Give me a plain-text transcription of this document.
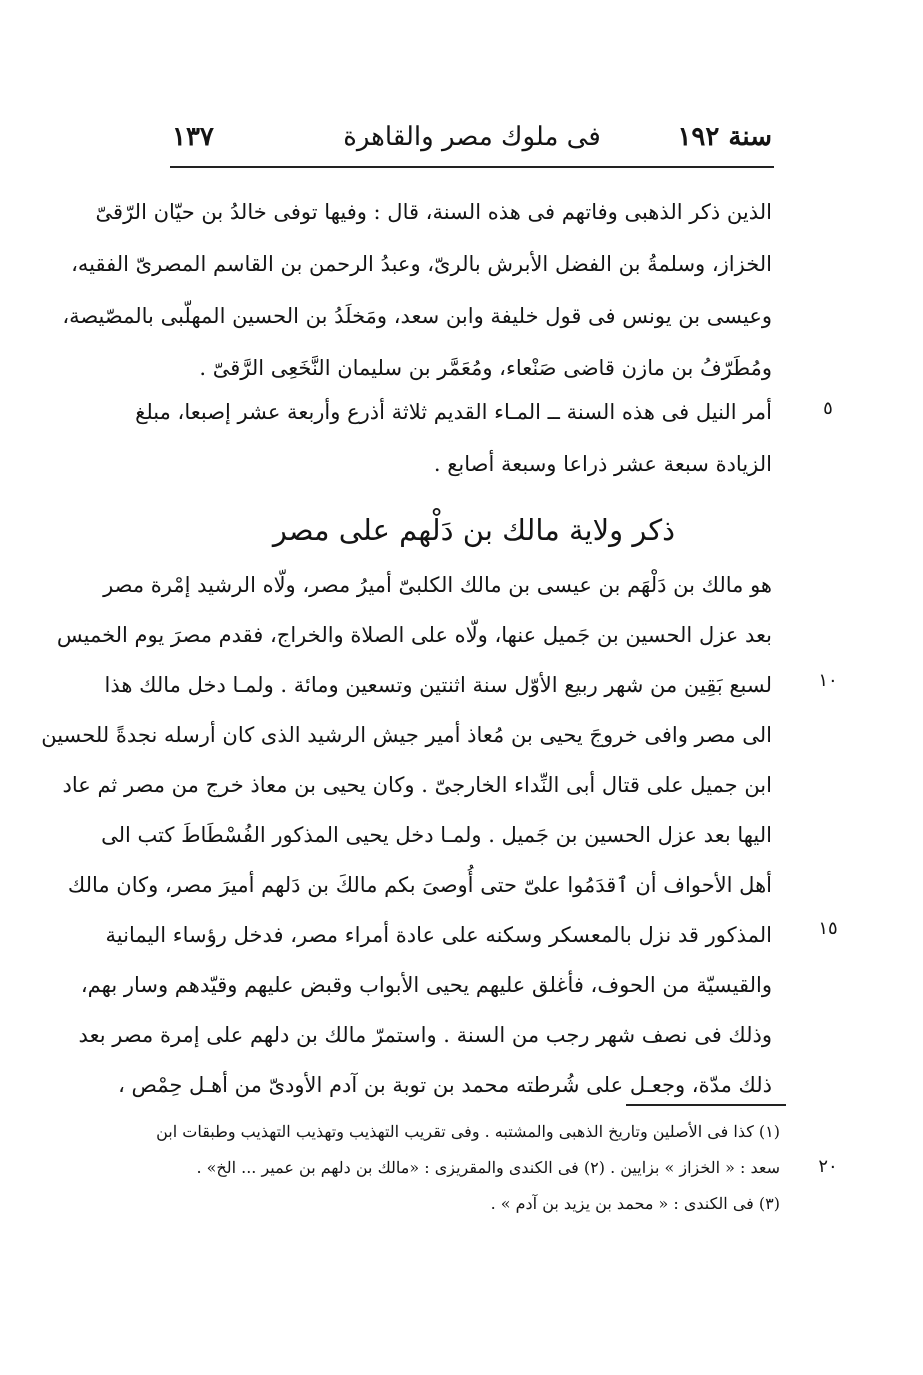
سنة ١٩٢
فى ملوك مصر والقاهرة
١٣٧
الذين ذكر الذهبى وفاتهم فى هذه السنة، قال : وفيها توفى خالدُ بن حيّان الرّقىّ
الخزاز، وسلمةُ بن الفضل الأبرش بالرىّ، وعبدُ الرحمن بن القاسم المصرىّ الفقيه،
وعيسى بن يونس فى قول خليفة وابن سعد، ومَخلَدُ بن الحسين المهلّبى بالمصّيصة،
ومُطَرّفُ بن مازن قاضى صَنْعاء، ومُعَمَّر بن سليمان النَّخَعِى الرَّقىّ .
أمر النيل فى هذه السنة ــ المـاء القديم ثلاثة أذرع وأربعة عشر إصبعا، مبلغ
الزيادة سبعة عشر ذراعا وسبعة أصابع .
ذكر ولاية مالك بن دَلْهم على مصر
هو مالك بن دَلْهَم بن عيسى بن مالك الكلبىّ أميرُ مصر، ولّاه الرشيد إمْرة مصر
بعد عزل الحسين بن جَميل عنها، ولّاه على الصلاة والخراج، فقدم مصرَ يوم الخميس
لسبع بَقِين من شهر ربيع الأوّل سنة اثنتين وتسعين ومائة . ولمـا دخل مالك هذا
الى مصر وافى خروجَ يحيى بن مُعاذ أمير جيش الرشيد الذى كان أرسله نجدةً للحسين
ابن جميل على قتال أبى النِّداء الخارجىّ . وكان يحيى بن معاذ خرج من مصر ثم عاد
اليها بعد عزل الحسين بن جَميل . ولمـا دخل يحيى المذكور الفُسْطَاطَ كتب الى
أهل الأحواف أن ٱقدَمُوا علىّ حتى أُوصىَ بكم مالكَ بن دَلهم أميرَ مصر، وكان مالك
المذكور قد نزل بالمعسكر وسكنه على عادة أمراء مصر، فدخل رؤساء اليمانية
والقيسيّة من الحوف، فأغلق عليهم يحيى الأبواب وقبض عليهم وقيّدهم وسار بهم،
وذلك فى نصف شهر رجب من السنة . واستمرّ مالك بن دلهم على إمرة مصر بعد
ذلك مدّة، وجعـل على شُرطته محمد بن توبة بن آدم الأودىّ من أهـل حِمْص ،
٥
١٠
١٥
٢٠
(١) كذا فى الأصلين وتاريخ الذهبى والمشتبه . وفى تقريب التهذيب وتهذيب التهذيب وطبقات ابن
سعد : « الخزاز » بزايين . (٢) فى الكندى والمقريزى : «مالك بن دلهم بن عمير ... الخ» .
(٣) فى الكندى : « محمد بن يزيد بن آدم » .
